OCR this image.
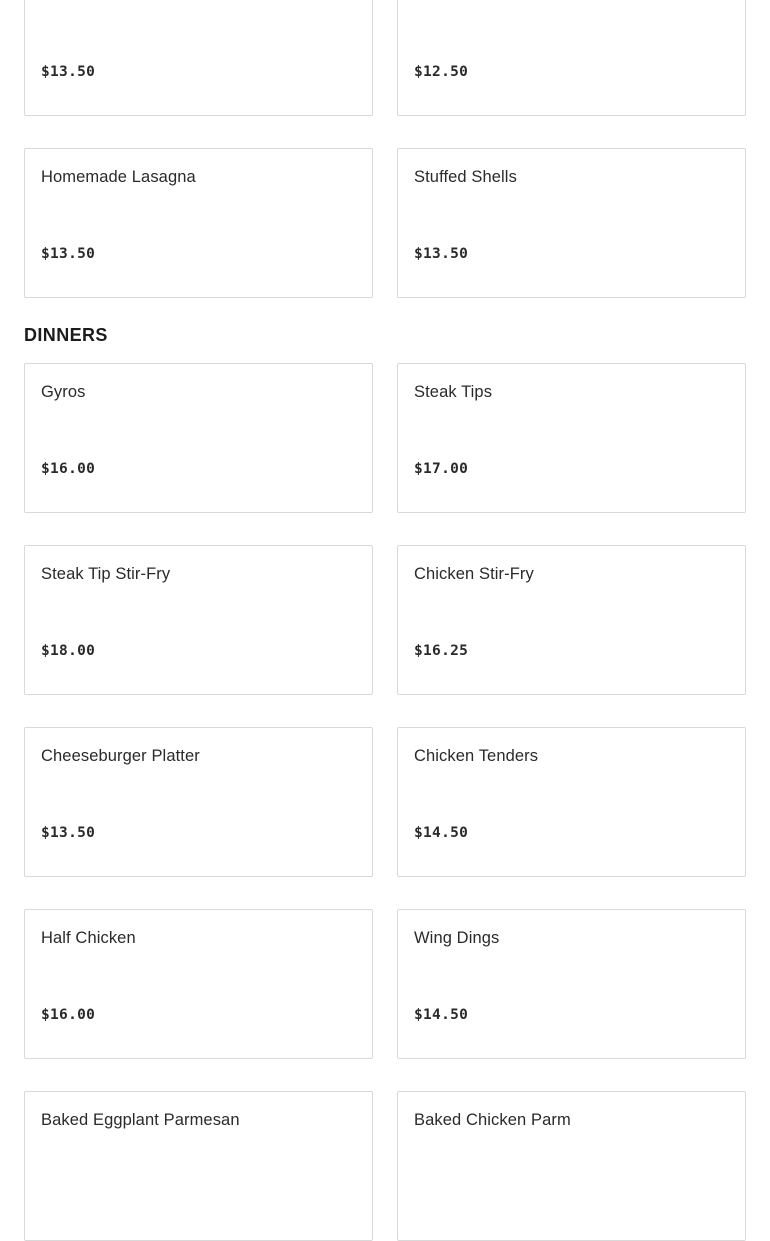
$13.50	$12.50
Homemade Lasagna
$13.50
Stuffed Shells
$13.50
DINNERS
Gyros
$16.00
Steak Tips
$17.00
Steak Tip Stir-Fry
$18.00
Chicken Stir-Fry
$16.25
Cheeseburger Platter
$13.50
Chicken Tenders
$14.50
Half Chicken
$16.00
Wing Dings
$14.50
Baked Eggplant Parmesan	Baked Chicken Parm
